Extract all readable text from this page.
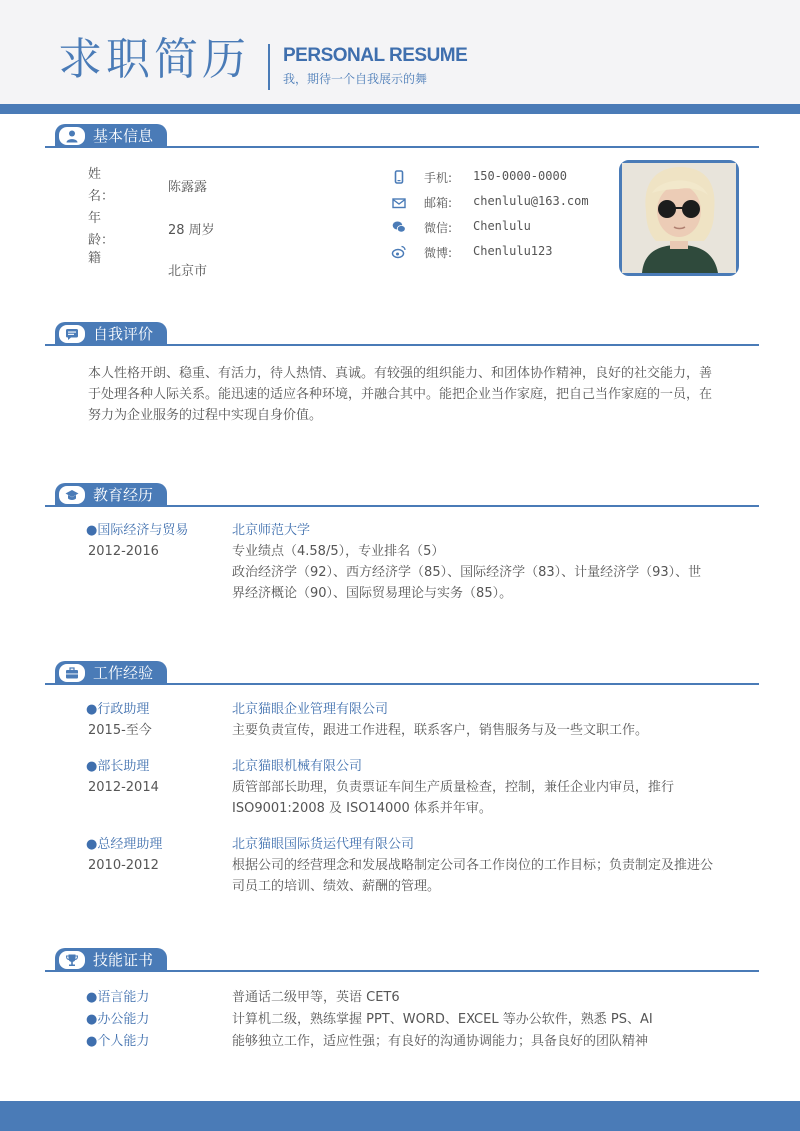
求职简历 PERSONAL RESUME
我，期待一个自我展示的舞
基本信息
姓名：
陈露露
年龄：
28 周岁
籍
北京市
手机: 150-0000-0000
邮箱: chenlulu@163.com
微信: Chenlulu
微博: Chenlulu123
自我评价
本人性格开朗、稳重、有活力，待人热情、真诚。有较强的组织能力、和团体协作精神，良好的社交能力，善
于处理各种人际关系。能迅速的适应各种环境，并融合其中。能把企业当作家庭，把自己当作家庭的一员，在
努力为企业服务的过程中实现自身价值。
教育经历
●国际经济与贸易	北京师范大学
2012-2016	专业绩点（4.58/5），专业排名（5）
政治经济学（92）、西方经济学（85）、国际经济学（83）、计量经济学（93）、世
界经济概论（90）、国际贸易理论与实务（85）。
工作经验
●行政助理	北京猫眼企业管理有限公司
2015-至今	主要负责宣传，跟进工作进程，联系客户，销售服务与及一些文职工作。
●部长助理	北京猫眼机械有限公司
2012-2014	质管部部长助理，负责票证车间生产质量检查，控制，兼任企业内审员，推行
ISO9001:2008 及 ISO14000 体系并年审。
●总经理助理	北京猫眼国际货运代理有限公司
2010-2012	根据公司的经营理念和发展战略制定公司各工作岗位的工作目标；负责制定及推进公
司员工的培训、绩效、薪酬的管理。
技能证书
●语言能力	普通话二级甲等，英语 CET6
●办公能力	计算机二级，熟练掌握 PPT、WORD、EXCEL 等办公软件，熟悉 PS、AI
●个人能力	能够独立工作，适应性强；有良好的沟通协调能力；具备良好的团队精神
